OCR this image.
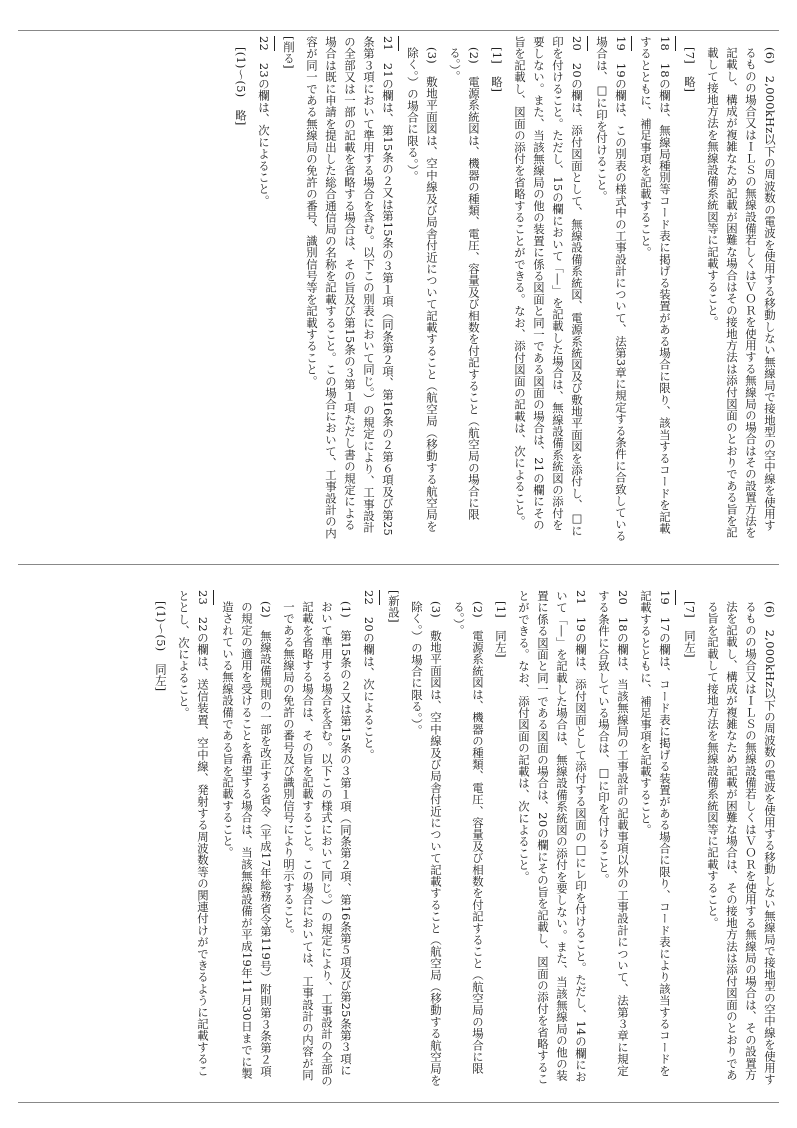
(6)　2,000kHz以下の周波数の電波を使用する移動しない無線局で接地型の空中線を使用するものの場合又はＩＬＳの無線設備若しくはＶＯＲを使用する無線局の場合はその設置方法を記載し、構成が複雑なため記載が困難な場合はその接地方法は添付図面のとおりである旨を記載して接地方法を無線設備系統図等に記載すること。

[7]　略]

18　18の欄は、無線局種別等コード表に掲げる装置がある場合に限り、該当するコードを記載するとともに、補足事項を記載すること。

19　19の欄は、この別表の様式中の工事設計について、法第3章に規定する条件に合致している場合は、□に印を付けること。

20　20の欄は、添付図面として、無線設備系統図、電源系統図及び敷地平面図を添付し、□に印を付けること。ただし、15の欄において「―」を記載した場合は、無線設備系統図の添付を要しない。また、当該無線局の他の装置に係る図面と同一である図面の場合は、21の欄にその旨を記載し、図面の添付を省略することができる。なお、添付図面の記載は、次によること。

[1]　略]

(2)　電源系統図は、機器の種類、電圧、容量及び相数を付記すること（航空局の場合に限る。）。

(3)　敷地平面図は、空中線及び局舎付近について記載すること（航空局（移動する航空局を除く。）の場合に限る。）。

21　21の欄は、第15条の２又は第15条の３第１項（同条第２項、第16条の２第６項及び第25条第３項において準用する場合を含む。以下この別表において同じ。）の規定により、工事設計の全部又は一部の記載を省略する場合は、その旨及び第15条の３第１項ただし書の規定による場合は既に申請を提出した総合通信局の名称を記載すること。この場合において、工事設計の内容が同一である無線局の免許の番号、識別信号等を記載すること。

[削る]　

22　23の欄は、次によること。

[(1)～(5)　略]

(6)　2,000kHz以下の周波数の電波を使用する移動しない無線局で接地型の空中線を使用するものの場合又はＩＬＳの無線設備若しくはＶＯＲを使用する無線局の場合は、その設置方法を記載し、構成が複雑なため記載が困難な場合は、その接地方法は添付図面のとおりである旨を記載して接地方法を無線設備系統図等に記載すること。

[7]　同左]

19　17の欄は、コード表に掲げる装置がある場合に限り、コード表により該当するコードを記載するとともに、補足事項を記載すること。

20　18の欄は、当該無線局の工事設計の記載事項以外の工事設計について、法第３章に規定する条件に合致している場合は、□に印を付けること。

21　19の欄は、添付図面として添付する図面の□にレ印を付けること。ただし、14の欄において「―」を記載した場合は、無線設備系統図の添付を要しない。また、当該無線局の他の装置に係る図面と同一である図面の場合は、20の欄にその旨を記載し、図面の添付を省略することができる。なお、添付図面の記載は、次によること。

[1]　同左]

(2)　電源系統図は、機器の種類、電圧、容量及び相数を付記すること（航空局の場合に限る。）。

(3)　敷地平面図は、空中線及び局舎付近について記載すること（航空局（移動する航空局を除く。）の場合に限る。）。

[新設]　

22　20の欄は、次によること。

(1)　第15条の２又は第15条の３第１項（同条第２項、第16条第５項及び第25条第３項において準用する場合を含む。以下この様式において同じ。）の規定により、工事設計の全部の記載を省略する場合は、その旨を記載すること。この場合においては、工事設計の内容が同一である無線局の免許の番号及び識別信号により明示すること。

(2)　無線設備規則の一部を改正する省令（平成17年総務省令第119号）附則第３条第２項の規定の適用を受けることを希望する場合は、当該無線設備が平成19年11月30日までに製造されている無線設備である旨を記載すること。

23　22の欄は、送信装置、空中線、発射する周波数等の関連付けができるように記載することとし、次によること。

[(1)～(5)　同左]
